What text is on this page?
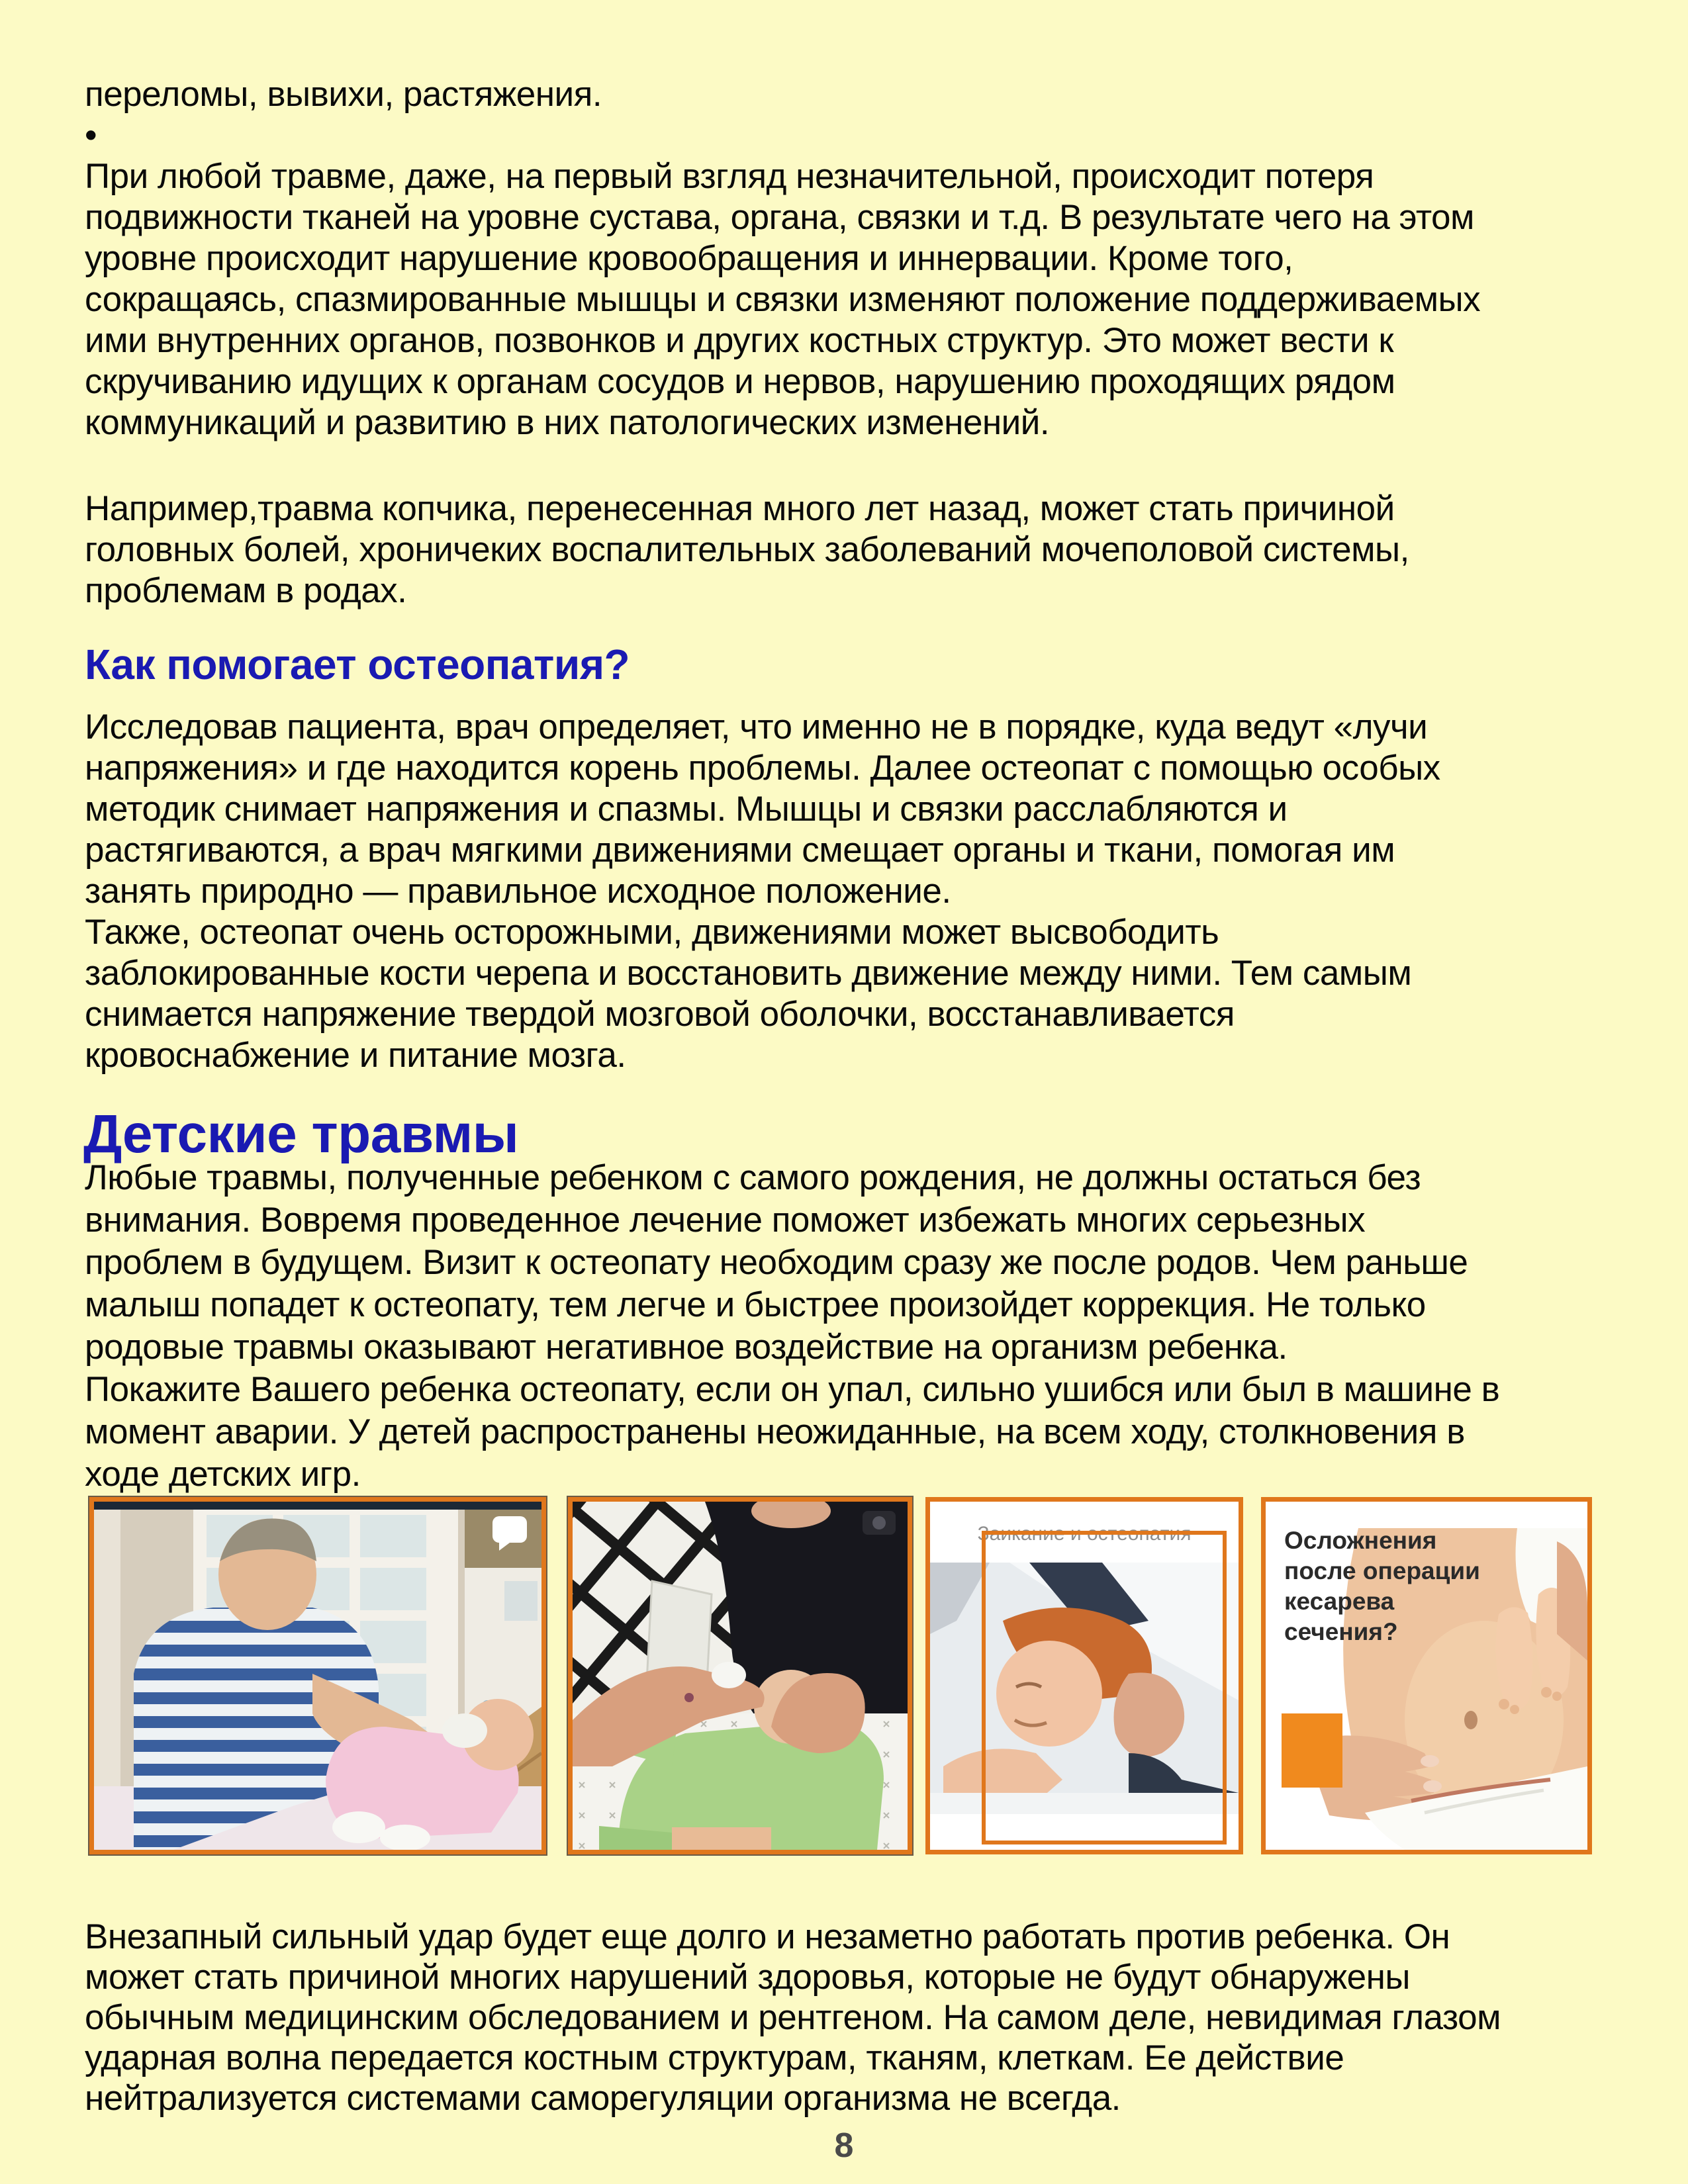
переломы, вывихи, растяжения.

•

При любой травме, даже, на первый взгляд незначительной, происходит потеря подвижности тканей на уровне сустава, органа, связки и т.д. В результате чего на этом уровне происходит нарушение кровообращения и иннервации. Кроме того, сокращаясь, спазмированные мышцы и связки изменяют положение поддерживаемых ими внутренних органов, позвонков и других костных структур. Это может вести к скручиванию идущих к органам сосудов и нервов, нарушению проходящих рядом коммуникаций и развитию в них патологических изменений.

Например,травма копчика, перенесенная много лет назад, может стать причиной головных болей, хроничеких воспалительных заболеваний мочеполовой системы, проблемам в родах.

Как помогает остеопатия?

Исследовав пациента, врач определяет, что именно не в порядке, куда ведут «лучи напряжения» и где находится корень проблемы. Далее остеопат с помощью особых методик снимает напряжения и спазмы. Мышцы и связки расслабляются и растягиваются, а врач мягкими движениями смещает органы и ткани, помогая им занять природно — правильное исходное положение.

Также, остеопат очень осторожными, движениями может высвободить заблокированные кости черепа и восстановить движение между ними. Тем самым снимается напряжение твердой мозговой оболочки, восстанавливается кровоснабжение и питание мозга.

Детские травмы

Любые травмы, полученные ребенком с самого рождения, не должны остаться без внимания. Вовремя проведенное лечение поможет избежать многих серьезных проблем в будущем. Визит к остеопату необходим сразу же после родов. Чем раньше малыш попадет к остеопату, тем легче и быстрее произойдет коррекция. Не только родовые травмы оказывают негативное воздействие на организм ребенка.

Покажите Вашего ребенка остеопату, если он упал, сильно ушибся или был в машине в момент аварии. У детей распространены неожиданные, на всем ходу, столкновения в ходе детских игр.

Заикание и остеопатия	Осложнения после операции кесарева сечения?

Внезапный сильный удар будет еще долго и незаметно работать против ребенка. Он может стать причиной многих нарушений здоровья, которые не будут обнаружены обычным медицинским обследованием и рентгеном. На самом деле, невидимая глазом ударная волна передается костным структурам, тканям, клеткам. Ее действие нейтрализуется системами саморегуляции организма не всегда.

8
